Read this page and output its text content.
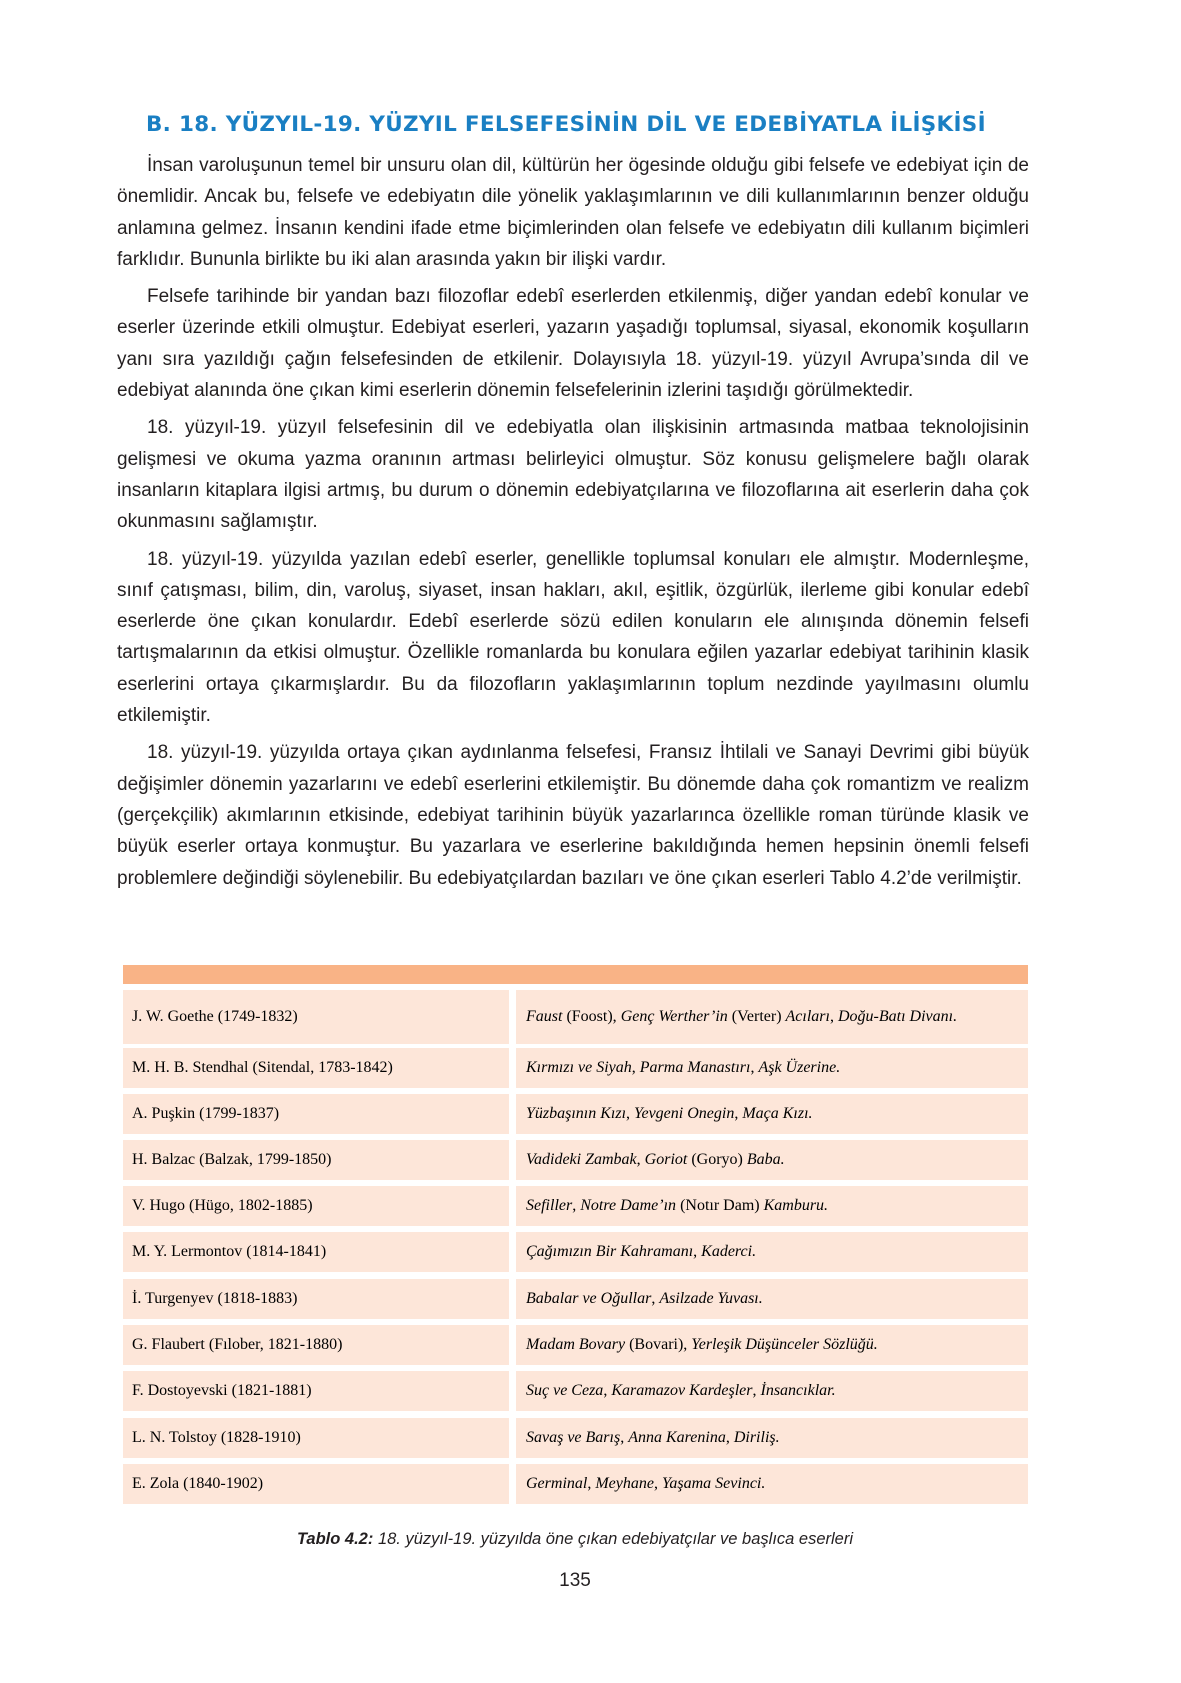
B. 18. YÜZYIL-19. YÜZYIL FELSEFESİNİN DİL VE EDEBİYATLA İLİŞKİSİ

İnsan varoluşunun temel bir unsuru olan dil, kültürün her ögesinde olduğu gibi felsefe ve edebiyat için de önemlidir. Ancak bu, felsefe ve edebiyatın dile yönelik yaklaşımlarının ve dili kullanımlarının benzer olduğu anlamına gelmez. İnsanın kendini ifade etme biçimlerinden olan felsefe ve edebiyatın dili kullanım biçimleri farklıdır. Bununla birlikte bu iki alan arasında yakın bir ilişki vardır.

Felsefe tarihinde bir yandan bazı filozoflar edebî eserlerden etkilenmiş, diğer yandan edebî konular ve eserler üzerinde etkili olmuştur. Edebiyat eserleri, yazarın yaşadığı toplumsal, siyasal, ekonomik koşulların yanı sıra yazıldığı çağın felsefesinden de etkilenir. Dolayısıyla 18. yüzyıl-19. yüzyıl Avrupa’sında dil ve edebiyat alanında öne çıkan kimi eserlerin dönemin felsefelerinin izlerini taşıdığı görülmektedir.

18. yüzyıl-19. yüzyıl felsefesinin dil ve edebiyatla olan ilişkisinin artmasında matbaa teknolojisinin gelişmesi ve okuma yazma oranının artması belirleyici olmuştur. Söz konusu gelişmelere bağlı olarak insanların kitaplara ilgisi artmış, bu durum o dönemin edebiyatçılarına ve filozoflarına ait eserlerin daha çok okunmasını sağlamıştır.

18. yüzyıl-19. yüzyılda yazılan edebî eserler, genellikle toplumsal konuları ele almıştır. Modernleşme, sınıf çatışması, bilim, din, varoluş, siyaset, insan hakları, akıl, eşitlik, özgürlük, ilerleme gibi konular edebî eserlerde öne çıkan konulardır. Edebî eserlerde sözü edilen konuların ele alınışında dönemin felsefi tartışmalarının da etkisi olmuştur. Özellikle romanlarda bu konulara eğilen yazarlar edebiyat tarihinin klasik eserlerini ortaya çıkarmışlardır. Bu da filozofların yaklaşımlarının toplum nezdinde yayılmasını olumlu etkilemiştir.

18. yüzyıl-19. yüzyılda ortaya çıkan aydınlanma felsefesi, Fransız İhtilali ve Sanayi Devrimi gibi büyük değişimler dönemin yazarlarını ve edebî eserlerini etkilemiştir. Bu dönemde daha çok romantizm ve realizm (gerçekçilik) akımlarının etkisinde, edebiyat tarihinin büyük yazarlarınca özellikle roman türünde klasik ve büyük eserler ortaya konmuştur. Bu yazarlara ve eserlerine bakıldığında hemen hepsinin önemli felsefi problemlere değindiği söylenebilir. Bu edebiyatçılardan bazıları ve öne çıkan eserleri Tablo 4.2’de verilmiştir.

J. W. Goethe (1749-1832)	Faust (Foost), Genç Werther’in (Verter) Acıları, Doğu-Batı Divanı.
M. H. B. Stendhal (Sitendal, 1783-1842)	Kırmızı ve Siyah, Parma Manastırı, Aşk Üzerine.
A. Puşkin (1799-1837)	Yüzbaşının Kızı, Yevgeni Onegin, Maça Kızı.
H. Balzac (Balzak, 1799-1850)	Vadideki Zambak, Goriot (Goryo) Baba.
V. Hugo (Hügo, 1802-1885)	Sefiller, Notre Dame’ın (Notır Dam) Kamburu.
M. Y. Lermontov (1814-1841)	Çağımızın Bir Kahramanı, Kaderci.
İ. Turgenyev (1818-1883)	Babalar ve Oğullar, Asilzade Yuvası.
G. Flaubert (Fılober, 1821-1880)	Madam Bovary (Bovari), Yerleşik Düşünceler Sözlüğü.
F. Dostoyevski (1821-1881)	Suç ve Ceza, Karamazov Kardeşler, İnsancıklar.
L. N. Tolstoy (1828-1910)	Savaş ve Barış, Anna Karenina, Diriliş.
E. Zola (1840-1902)	Germinal, Meyhane, Yaşama Sevinci.
Tablo 4.2: 18. yüzyıl-19. yüzyılda öne çıkan edebiyatçılar ve başlıca eserleri
135
